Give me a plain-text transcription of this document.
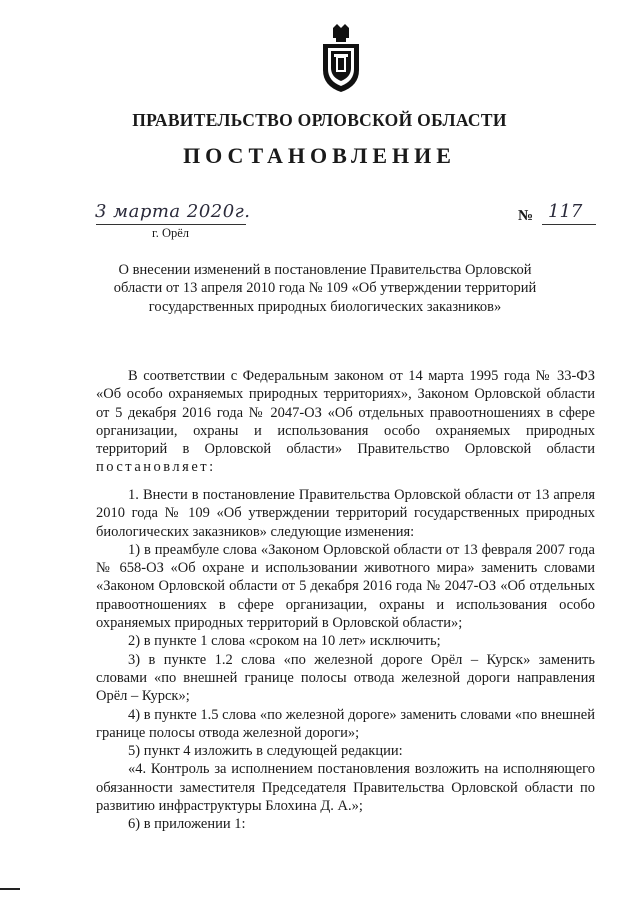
ПРАВИТЕЛЬСТВО ОРЛОВСКОЙ ОБЛАСТИ
ПОСТАНОВЛЕНИЕ
3 марта 2020г.
г. Орёл
№ 117
О внесении изменений в постановление Правительства Орловской области от 13 апреля 2010 года № 109 «Об утверждении территорий государственных природных биологических заказников»
В соответствии с Федеральным законом от 14 марта 1995 года № 33-ФЗ «Об особо охраняемых природных территориях», Законом Орловской области от 5 декабря 2016 года № 2047-ОЗ «Об отдельных правоотношениях в сфере организации, охраны и использования особо охраняемых природных территорий в Орловской области» Правительство Орловской области постановляет:
1. Внести в постановление Правительства Орловской области от 13 апреля 2010 года № 109 «Об утверждении территорий государственных природных биологических заказников» следующие изменения:
1) в преамбуле слова «Законом Орловской области от 13 февраля 2007 года № 658-ОЗ «Об охране и использовании животного мира» заменить словами «Законом Орловской области от 5 декабря 2016 года № 2047-ОЗ «Об отдельных правоотношениях в сфере организации, охраны и использования особо охраняемых природных территорий в Орловской области»;
2) в пункте 1 слова «сроком на 10 лет» исключить;
3) в пункте 1.2 слова «по железной дороге Орёл – Курск» заменить словами «по внешней границе полосы отвода железной дороги направления Орёл – Курск»;
4) в пункте 1.5 слова «по железной дороге» заменить словами «по внешней границе полосы отвода железной дороги»;
5) пункт 4 изложить в следующей редакции:
«4. Контроль за исполнением постановления возложить на исполняющего обязанности заместителя Председателя Правительства Орловской области по развитию инфраструктуры Блохина Д. А.»;
6) в приложении 1:
